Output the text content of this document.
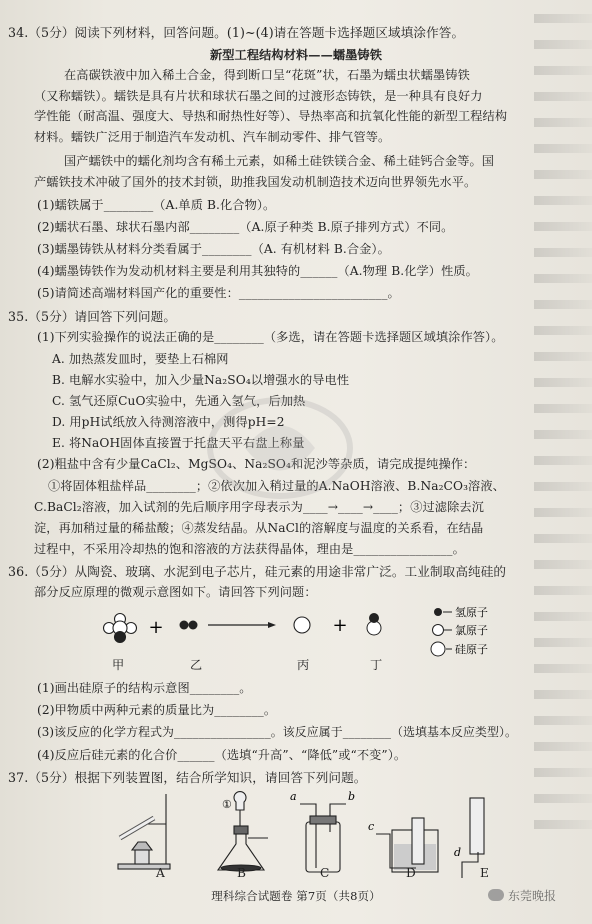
34.（5分）阅读下列材料，回答问题。(1)~(4)请在答题卡选择题区域填涂作答。
新型工程结构材料——蠕墨铸铁
在高碳铁液中加入稀土合金，得到断口呈“花斑”状，石墨为蠕虫状蠕墨铸铁
（又称蠕铁）。蠕铁是具有片状和球状石墨之间的过渡形态铸铁，是一种具有良好力
学性能（耐高温、强度大、导热和耐热性好等）、导热率高和抗氧化性能的新型工程结构
材料。蠕铁广泛用于制造汽车发动机、汽车制动零件、排气管等。
国产蠕铁中的蠕化剂均含有稀土元素，如稀土硅铁镁合金、稀土硅钙合金等。国
产蠕铁技术冲破了国外的技术封锁，助推我国发动机制造技术迈向世界领先水平。
(1)蠕铁属于________（A.单质 B.化合物）。
(2)蠕状石墨、球状石墨内部________（A.原子种类 B.原子排列方式）不同。
(3)蠕墨铸铁从材料分类看属于________（A. 有机材料 B.合金）。
(4)蠕墨铸铁作为发动机材料主要是利用其独特的______（A.物理 B.化学）性质。
(5)请简述高端材料国产化的重要性：________________________。
35.（5分）请回答下列问题。
(1)下列实验操作的说法正确的是________（多选，请在答题卡选择题区域填涂作答）。
A. 加热蒸发皿时，要垫上石棉网
B. 电解水实验中，加入少量Na₂SO₄以增强水的导电性
C. 氢气还原CuO实验中，先通入氢气，后加热
D. 用pH试纸放入待测溶液中，测得pH=2
E. 将NaOH固体直接置于托盘天平右盘上称量
(2)粗盐中含有少量CaCl₂、MgSO₄、Na₂SO₄和泥沙等杂质，请完成提纯操作：
①将固体粗盐样品________；②依次加入稍过量的A.NaOH溶液、B.Na₂CO₃溶液、
C.BaCl₂溶液，加入试剂的先后顺序用字母表示为____→____→____；③过滤除去沉
淀，再加稍过量的稀盐酸；④蒸发结晶。从NaCl的溶解度与温度的关系看，在结晶
过程中，不采用冷却热的饱和溶液的方法获得晶体，理由是________________。
36.（5分）从陶瓷、玻璃、水泥到电子芯片，硅元素的用途非常广泛。工业制取高纯硅的
部分反应原理的微观示意图如下。请回答下列问题：
+	+
氢原子
氯原子
硅原子
甲	乙	丙	丁
(1)画出硅原子的结构示意图________。
(2)甲物质中两种元素的质量比为________。
(3)该反应的化学方程式为________________。该反应属于________（选填基本反应类型）。
(4)反应后硅元素的化合价______（选填“升高”、“降低”或“不变”）。
37.（5分）根据下列装置图，结合所学知识，请回答下列问题。
①
a	b
c
d
A	B	C	D	E
理科综合试题卷 第7页（共8页）	东莞晚报
